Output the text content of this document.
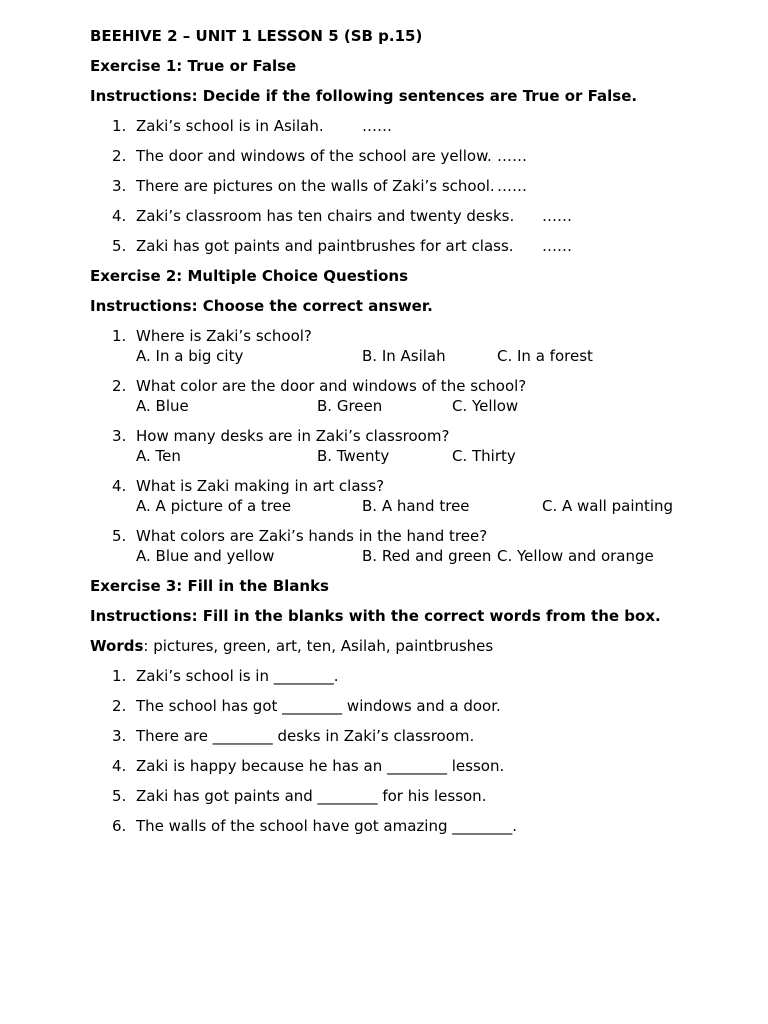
BEEHIVE 2 – UNIT 1 LESSON 5 (SB p.15)
Exercise 1: True or False
Instructions: Decide if the following sentences are True or False.
1. Zaki’s school is in Asilah.	……
2. The door and windows of the school are yellow. ……
3. There are pictures on the walls of Zaki’s school. ……
4. Zaki’s classroom has ten chairs and twenty desks. ……
5. Zaki has got paints and paintbrushes for art class. ……
Exercise 2: Multiple Choice Questions
Instructions: Choose the correct answer.
1. Where is Zaki’s school?
A. In a big city	B. In Asilah	C. In a forest
2. What color are the door and windows of the school?
A. Blue	B. Green	C. Yellow
3. How many desks are in Zaki’s classroom?
A. Ten	B. Twenty	C. Thirty
4. What is Zaki making in art class?
A. A picture of a tree	B. A hand tree	C. A wall painting
5. What colors are Zaki’s hands in the hand tree?
A. Blue and yellow	B. Red and green C. Yellow and orange
Exercise 3: Fill in the Blanks
Instructions: Fill in the blanks with the correct words from the box.
Words: pictures, green, art, ten, Asilah, paintbrushes
1. Zaki’s school is in ________.
2. The school has got ________ windows and a door.
3. There are ________ desks in Zaki’s classroom.
4. Zaki is happy because he has an ________ lesson.
5. Zaki has got paints and ________ for his lesson.
6. The walls of the school have got amazing ________.
